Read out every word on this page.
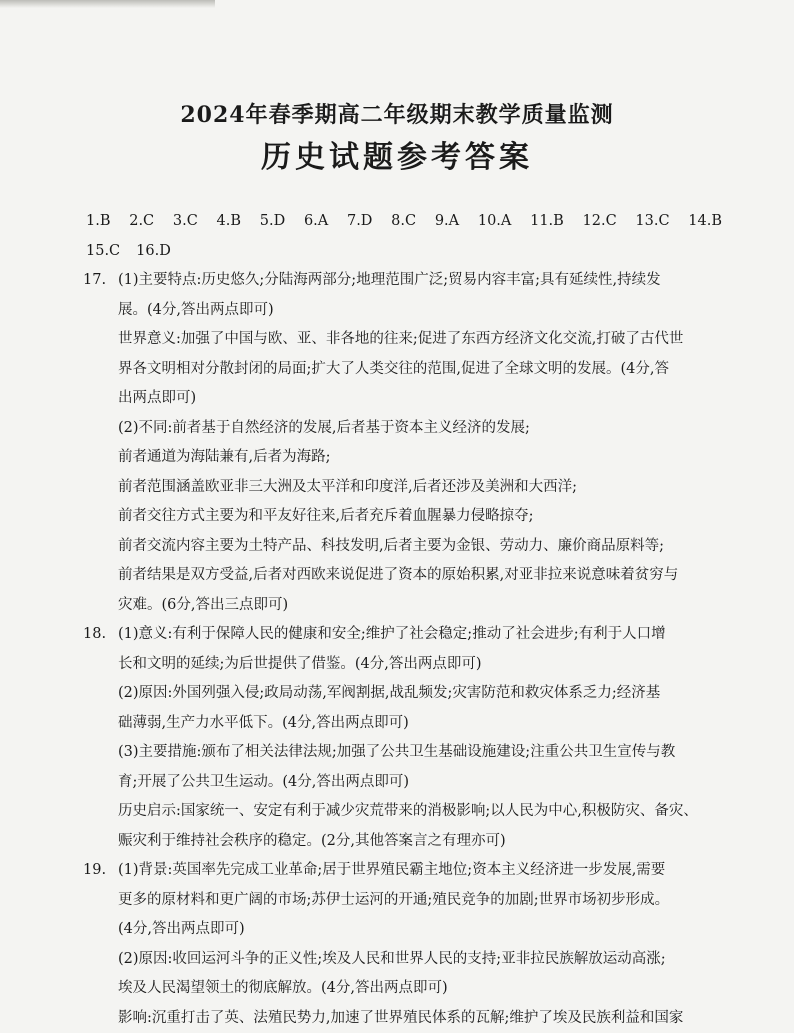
2024年春季期高二年级期末教学质量监测
历史试题参考答案
1.B 2.C 3.C 4.B 5.D 6.A 7.D 8.C 9.A 10.A 11.B 12.C 13.C 14.B
15.C 16.D
17. (1)主要特点:历史悠久;分陆海两部分;地理范围广泛;贸易内容丰富;具有延续性,持续发
展。(4分,答出两点即可)
世界意义:加强了中国与欧、亚、非各地的往来;促进了东西方经济文化交流,打破了古代世
界各文明相对分散封闭的局面;扩大了人类交往的范围,促进了全球文明的发展。(4分,答
出两点即可)
(2)不同:前者基于自然经济的发展,后者基于资本主义经济的发展;
前者通道为海陆兼有,后者为海路;
前者范围涵盖欧亚非三大洲及太平洋和印度洋,后者还涉及美洲和大西洋;
前者交往方式主要为和平友好往来,后者充斥着血腥暴力侵略掠夺;
前者交流内容主要为土特产品、科技发明,后者主要为金银、劳动力、廉价商品原料等;
前者结果是双方受益,后者对西欧来说促进了资本的原始积累,对亚非拉来说意味着贫穷与
灾难。(6分,答出三点即可)
18. (1)意义:有利于保障人民的健康和安全;维护了社会稳定;推动了社会进步;有利于人口增
长和文明的延续;为后世提供了借鉴。(4分,答出两点即可)
(2)原因:外国列强入侵;政局动荡,军阀割据,战乱频发;灾害防范和救灾体系乏力;经济基
础薄弱,生产力水平低下。(4分,答出两点即可)
(3)主要措施:颁布了相关法律法规;加强了公共卫生基础设施建设;注重公共卫生宣传与教
育;开展了公共卫生运动。(4分,答出两点即可)
历史启示:国家统一、安定有利于减少灾荒带来的消极影响;以人民为中心,积极防灾、备灾、
赈灾利于维持社会秩序的稳定。(2分,其他答案言之有理亦可)
19. (1)背景:英国率先完成工业革命;居于世界殖民霸主地位;资本主义经济进一步发展,需要
更多的原材料和更广阔的市场;苏伊士运河的开通;殖民竞争的加剧;世界市场初步形成。
(4分,答出两点即可)
(2)原因:收回运河斗争的正义性;埃及人民和世界人民的支持;亚非拉民族解放运动高涨;
埃及人民渴望领土的彻底解放。(4分,答出两点即可)
影响:沉重打击了英、法殖民势力,加速了世界殖民体系的瓦解;维护了埃及民族利益和国家
